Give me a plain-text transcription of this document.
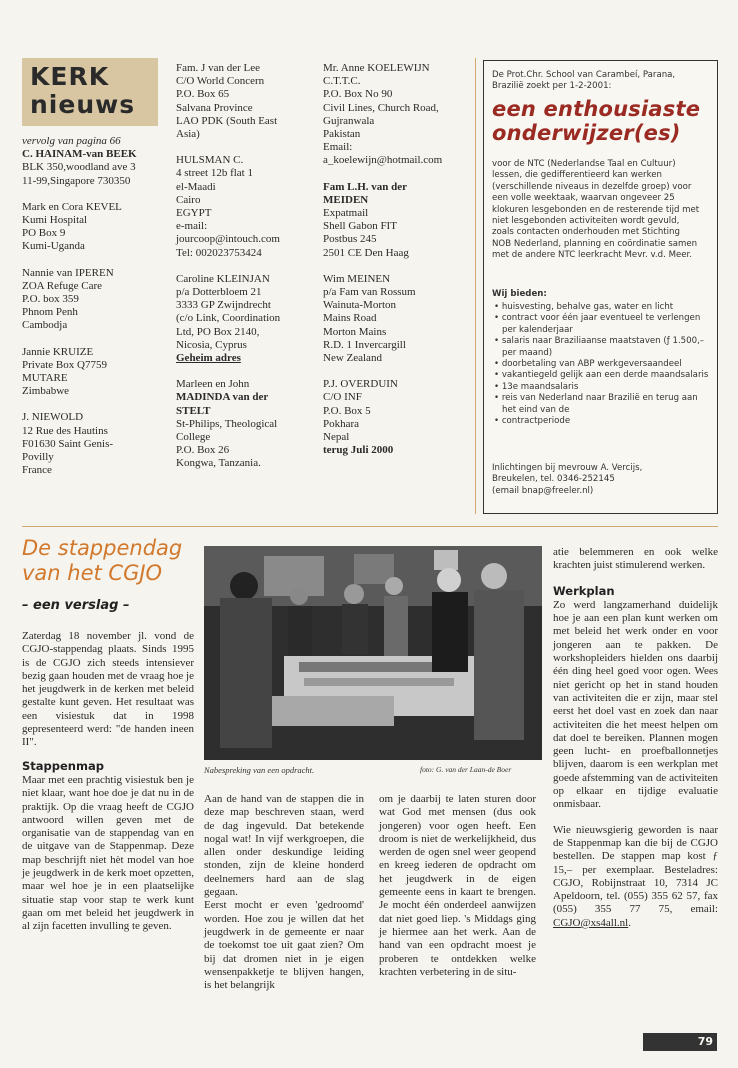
KERK
nieuws
vervolg van pagina 66
C. HAINAM-van BEEK
BLK 350,woodland ave 3
11-99,Singapore 730350
Mark en Cora KEVEL
Kumi Hospital
PO Box 9
Kumi-Uganda
Nannie van IPEREN
ZOA Refuge Care
P.O. box 359
Phnom Penh
Cambodja
Jannie KRUIZE
Private Box Q7759
MUTARE
Zimbabwe
J. NIEWOLD
12 Rue des Hautins
F01630 Saint Genis-
Povilly
France
Fam. J van der Lee
C/O World Concern
P.O. Box 65
Salvana Province
LAO PDK (South East
Asia)
HULSMAN C.
4 street 12b flat 1
el-Maadi
Cairo
EGYPT
e-mail:
jourcoop@intouch.com
Tel: 002023753424
Caroline KLEINJAN
p/a Dotterbloem 21
3333 GP Zwijndrecht
(c/o Link, Coordination
Ltd, PO Box 2140,
Nicosia, Cyprus
Geheim adres
Marleen en John
MADINDA van der
STELT
St-Philips, Theological
College
P.O. Box 26
Kongwa, Tanzania.
Mr. Anne KOELEWIJN
C.T.T.C.
P.O. Box No 90
Civil Lines, Church Road,
Gujranwala
Pakistan
Email:
a_koelewijn@hotmail.com
Fam L.H. van der
MEIDEN
Expatmail
Shell Gabon FIT
Postbus 245
2501 CE Den Haag
Wim MEINEN
p/a Fam van Rossum
Wainuta-Morton
Mains Road
Morton Mains
R.D. 1 Invercargill
New Zealand
P.J. OVERDUIN
C/O INF
P.O. Box 5
Pokhara
Nepal
terug Juli 2000
De Prot.Chr. School van Carambeí, Parana,
Brazilië zoekt per 1-2-2001:
een enthousiaste onderwijzer(es)
voor de NTC (Nederlandse Taal en Cultuur)
lessen, die gedifferentieerd kan werken
(verschillende niveaus in dezelfde groep) voor
een volle weektaak, waarvan ongeveer 25
klokuren lesgebonden en de resterende tijd met
niet lesgebonden activiteiten wordt gevuld,
zoals contacten onderhouden met Stichting
NOB Nederland, planning en coördinatie samen
met de andere NTC leerkracht Mevr. v.d. Meer.
Wij bieden:
• huisvesting, behalve gas, water en licht
• contract voor één jaar eventueel te verlengen per kalenderjaar
• salaris naar Braziliaanse maatstaven (ƒ 1.500,– per maand)
• doorbetaling van ABP werkgeversaandeel
• vakantiegeld gelijk aan een derde maandsalaris
• 13e maandsalaris
• reis van Nederland naar Brazilië en terug aan het eind van de
• contractperiode
Inlichtingen bij mevrouw A. Vercijs,
Breukelen, tel. 0346-252145
(email bnap@freeler.nl)
De stappendag
van het CGJO
– een verslag –
Zaterdag 18 november jl. vond de CGJO-stappendag plaats. Sinds 1995 is de CGJO zich steeds intensiever bezig gaan houden met de vraag hoe je het jeugdwerk in de kerken met beleid gestalte kunt geven. Het resultaat was een visiestuk dat in 1998 gepresenteerd werd: "de handen ineen II".
Stappenmap
Maar met een prachtig visiestuk ben je niet klaar, want hoe doe je dat nu in de praktijk. Op die vraag heeft de CGJO antwoord willen geven met de organisatie van de stappendag van en de uitgave van de Stappenmap. Deze map beschrijft niet hèt model van hoe je jeugdwerk in de kerk moet opzetten, maar wel hoe je in een plaatselijke situatie stap voor stap te werk kunt gaan om met beleid het jeugdwerk in al zijn facetten invulling te geven.
Nabespreking van een opdracht.	foto: G. van der Laan-de Boer
Aan de hand van de stappen die in deze map beschreven staan, werd de dag ingevuld. Dat betekende nogal wat! In vijf werkgroepen, die allen onder deskundige leiding stonden, zijn de kleine honderd deelnemers hard aan de slag gegaan.
Eerst mocht er even 'gedroomd' worden. Hoe zou je willen dat het jeugdwerk in de gemeente er naar de toekomst toe uit gaat zien? Om bij dat dromen niet in je eigen wensenpakketje te blijven hangen, is het belangrijk
om je daarbij te laten sturen door wat God met mensen (dus ook jongeren) voor ogen heeft. Een droom is niet de werkelijkheid, dus werden de ogen snel weer geopend en kreeg iederen de opdracht om het jeugdwerk in de eigen gemeente eens in kaart te brengen. Je mocht één onderdeel aanwijzen dat niet goed liep. 's Middags ging je hiermee aan het werk. Aan de hand van een opdracht moest je proberen te ontdekken welke krachten verbetering in de situ-
atie belemmeren en ook welke krachten juist stimulerend werken.
Werkplan
Zo werd langzamerhand duidelijk hoe je aan een plan kunt werken om met beleid het werk onder en voor jongeren aan te pakken. De workshopleiders hielden ons daarbij één ding heel goed voor ogen. Wees niet gericht op het in stand houden van activiteiten die er zijn, maar stel eerst het doel vast en zoek dan naar activiteiten die het meest helpen om dat doel te bereiken. Plannen mogen geen lucht- en proefballonnetjes blijven, daarom is een werkplan met goede afstemming van de activiteiten op elkaar en tijdige evaluatie onmisbaar.
Wie nieuwsgierig geworden is naar de Stappenmap kan die bij de CGJO bestellen. De stappen map kost ƒ 15,– per exemplaar. Besteladres: CGJO, Robijnstraat 10, 7314 JC Apeldoorn, tel. (055) 355 62 57, fax (055) 355 77 75, email: CGJO@xs4all.nl.
79
